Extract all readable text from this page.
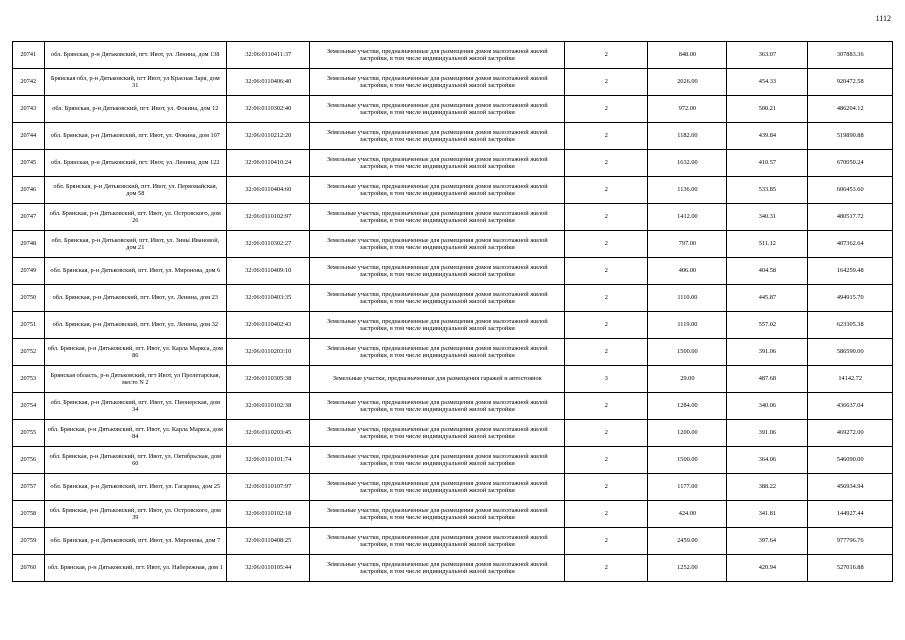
1112
20741	обл. Брянская, р-н Дятьковский, пгт. Ивот, ул. Ленина, дом 138	32:06:0110411:37	Земельные участки, предназначенные для размещения домов малоэтажной жилой застройки, в том числе индивидуальной жилой застройки	2	848.00	363.07	307883.36
20742	Брянская обл, р-н Дятьковский, пгт Ивот, ул Красная Заря, дом 31	32:06:0110406:40	Земельные участки, предназначенные для размещения домов малоэтажной жилой застройки, в том числе индивидуальной жилой застройки	2	2026.00	454.33	920472.58
20743	обл. Брянская, р-н Дятьковский, пгт. Ивот, ул. Фокина, дом 12	32:06:0110302:40	Земельные участки, предназначенные для размещения домов малоэтажной жилой застройки, в том числе индивидуальной жилой застройки	2	972.00	500.21	486204.12
20744	обл. Брянская, р-н Дятьковский, пгт. Ивот, ул. Фокина, дом 107	32:06:0110212:20	Земельные участки, предназначенные для размещения домов малоэтажной жилой застройки, в том числе индивидуальной жилой застройки	2	1182.00	439.84	519890.88
20745	обл. Брянская, р-н Дятьковский, пгт. Ивот, ул. Ленина, дом 122	32:06:0110410:24	Земельные участки, предназначенные для размещения домов малоэтажной жилой застройки, в том числе индивидуальной жилой застройки	2	1632.00	410.57	670050.24
20746	обл. Брянская, р-н Дятьковский, пгт. Ивот, ул. Первомайская, дом 58	32:06:0110404:60	Земельные участки, предназначенные для размещения домов малоэтажной жилой застройки, в том числе индивидуальной жилой застройки	2	1136.00	533.85	606453.60
20747	обл. Брянская, р-н Дятьковский, пгт. Ивот, ул. Островского, дом 26	32:06:0110102:97	Земельные участки, предназначенные для размещения домов малоэтажной жилой застройки, в том числе индивидуальной жилой застройки	2	1412.00	340.31	480517.72
20748	обл. Брянская, р-н Дятьковский, пгт. Ивот, ул. Зины Ивановой, дом 21	32:06:0110302:27	Земельные участки, предназначенные для размещения домов малоэтажной жилой застройки, в том числе индивидуальной жилой застройки	2	797.00	511.12	407362.64
20749	обл. Брянская, р-н Дятьковский, пгт. Ивот, ул. Миронова, дом 6	32:06:0110409:10	Земельные участки, предназначенные для размещения домов малоэтажной жилой застройки, в том числе индивидуальной жилой застройки	2	406.00	404.58	164259.48
20750	обл. Брянская, р-н Дятьковский, пгт. Ивот, ул. Ленина, дом 23	32:06:0110403:35	Земельные участки, предназначенные для размещения домов малоэтажной жилой застройки, в том числе индивидуальной жилой застройки	2	1110.00	445.87	494915.70
20751	обл. Брянская, р-н Дятьковский, пгт. Ивот, ул. Ленина, дом 32	32:06:0110402:43	Земельные участки, предназначенные для размещения домов малоэтажной жилой застройки, в том числе индивидуальной жилой застройки	2	1119.00	557.02	623305.38
20752	обл. Брянская, р-н Дятьковский, пгт. Ивот, ул. Карла Маркса, дом 86	32:06:0110203:10	Земельные участки, предназначенные для размещения домов малоэтажной жилой застройки, в том числе индивидуальной жилой застройки	2	1500.00	391.06	586590.00
20753	Брянская область, р-н Дятьковский, пгт Ивот, ул Пролетарская, место N 2	32:06:0110305:38	Земельные участки, предназначенные для размещения гаражей и автостоянок	3	29.00	487.68	14142.72
20754	обл. Брянская, р-н Дятьковский, пгт. Ивот, ул. Пионерская, дом 34	32:06:0110102:38	Земельные участки, предназначенные для размещения домов малоэтажной жилой застройки, в том числе индивидуальной жилой застройки	2	1284.00	340.06	436637.04
20755	обл. Брянская, р-н Дятьковский, пгт. Ивот, ул. Карла Маркса, дом 84	32:06:0110203:45	Земельные участки, предназначенные для размещения домов малоэтажной жилой застройки, в том числе индивидуальной жилой застройки	2	1200.00	391.06	469272.00
20756	обл. Брянская, р-н Дятьковский, пгт. Ивот, ул. Октябрьская, дом 60	32:06:0110101:74	Земельные участки, предназначенные для размещения домов малоэтажной жилой застройки, в том числе индивидуальной жилой застройки	2	1500.00	364.06	546090.00
20757	обл. Брянская, р-н Дятьковский, пгт. Ивот, ул. Гагарина, дом 25	32:06:0110107:97	Земельные участки, предназначенные для размещения домов малоэтажной жилой застройки, в том числе индивидуальной жилой застройки	2	1177.00	388.22	456934.94
20758	обл. Брянская, р-н Дятьковский, пгт. Ивот, ул. Островского, дом 39	32:06:0110102:18	Земельные участки, предназначенные для размещения домов малоэтажной жилой застройки, в том числе индивидуальной жилой застройки	2	424.00	341.81	144927.44
20759	обл. Брянская, р-н Дятьковский, пгт. Ивот, ул. Миронова, дом 7	32:06:0110408:25	Земельные участки, предназначенные для размещения домов малоэтажной жилой застройки, в том числе индивидуальной жилой застройки	2	2459.00	397.64	977796.76
20760	обл. Брянская, р-н Дятьковский, пгт. Ивот, ул. Набережная, дом 1	32:06:0110105:44	Земельные участки, предназначенные для размещения домов малоэтажной жилой застройки, в том числе индивидуальной жилой застройки	2	1252.00	420.94	527016.88
